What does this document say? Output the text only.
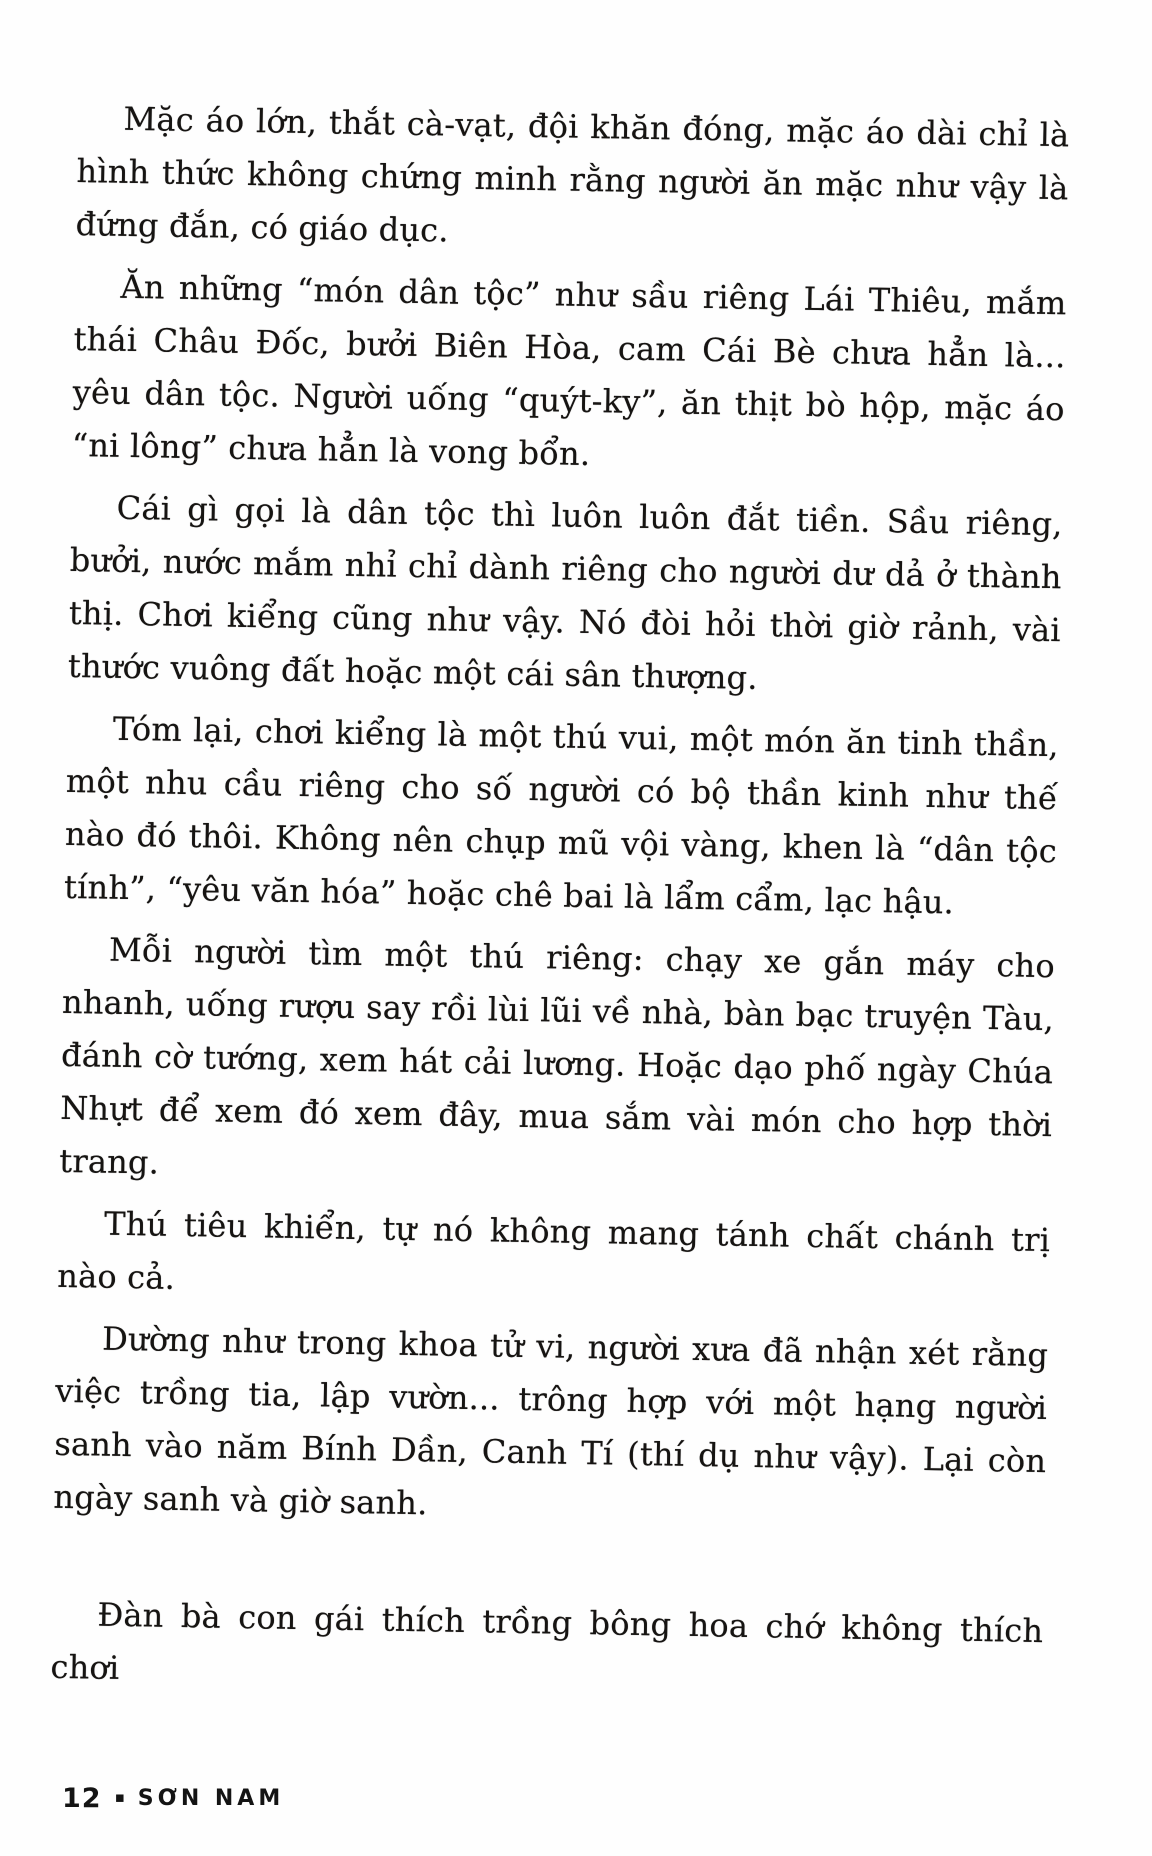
Mặc áo lớn, thắt cà-vạt, đội khăn đóng, mặc áo dài chỉ là hình thức không chứng minh rằng người ăn mặc như vậy là đứng đắn, có giáo dục.

Ăn những “món dân tộc” như sầu riêng Lái Thiêu, mắm thái Châu Đốc, bưởi Biên Hòa, cam Cái Bè chưa hẳn là... yêu dân tộc. Người uống “quýt-ky”, ăn thịt bò hộp, mặc áo “ni lông” chưa hẳn là vong bổn.

Cái gì gọi là dân tộc thì luôn luôn đắt tiền. Sầu riêng, bưởi, nước mắm nhỉ chỉ dành riêng cho người dư dả ở thành thị. Chơi kiểng cũng như vậy. Nó đòi hỏi thời giờ rảnh, vài thước vuông đất hoặc một cái sân thượng.

Tóm lại, chơi kiểng là một thú vui, một món ăn tinh thần, một nhu cầu riêng cho số người có bộ thần kinh như thế nào đó thôi. Không nên chụp mũ vội vàng, khen là “dân tộc tính”, “yêu văn hóa” hoặc chê bai là lẩm cẩm, lạc hậu.

Mỗi người tìm một thú riêng: chạy xe gắn máy cho nhanh, uống rượu say rồi lùi lũi về nhà, bàn bạc truyện Tàu, đánh cờ tướng, xem hát cải lương. Hoặc dạo phố ngày Chúa Nhựt để xem đó xem đây, mua sắm vài món cho hợp thời trang.

Thú tiêu khiển, tự nó không mang tánh chất chánh trị nào cả.

Dường như trong khoa tử vi, người xưa đã nhận xét rằng việc trồng tia, lập vườn... trông hợp với một hạng người sanh vào năm Bính Dần, Canh Tí (thí dụ như vậy). Lại còn ngày sanh và giờ sanh.

Đàn bà con gái thích trồng bông hoa chớ không thích chơi

12 ▪ SƠN NAM
